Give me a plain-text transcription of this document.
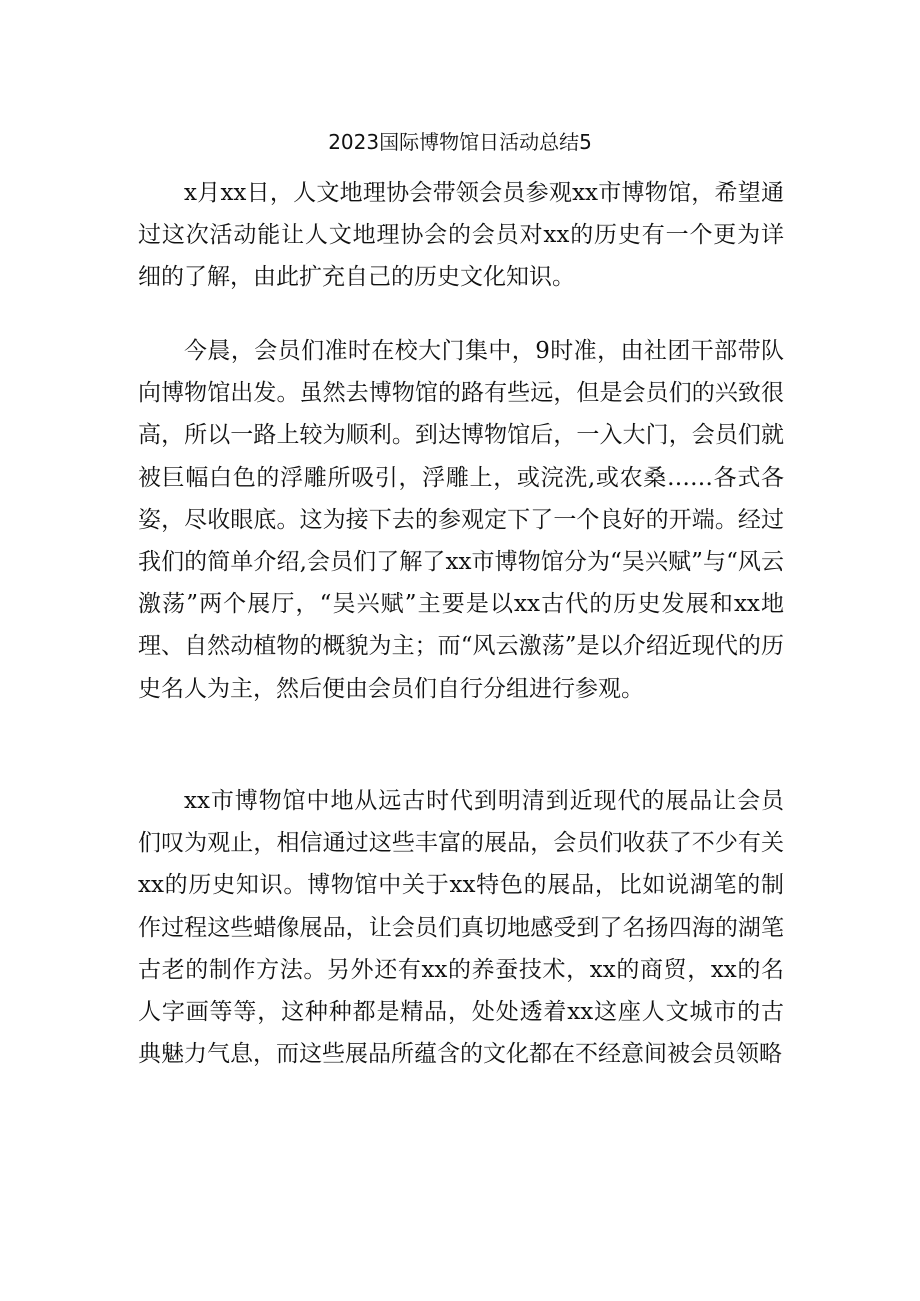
2023国际博物馆日活动总结5

x月xx日，人文地理协会带领会员参观xx市博物馆，希望通过这次活动能让人文地理协会的会员对xx的历史有一个更为详细的了解，由此扩充自己的历史文化知识。

今晨，会员们准时在校大门集中，9时准，由社团干部带队向博物馆出发。虽然去博物馆的路有些远，但是会员们的兴致很高，所以一路上较为顺利。到达博物馆后，一入大门，会员们就被巨幅白色的浮雕所吸引，浮雕上，或浣洗,或农桑……各式各姿，尽收眼底。这为接下去的参观定下了一个良好的开端。经过我们的简单介绍,会员们了解了xx市博物馆分为“吴兴赋”与“风云激荡”两个展厅，“吴兴赋”主要是以xx古代的历史发展和xx地理、自然动植物的概貌为主；而“风云激荡”是以介绍近现代的历史名人为主，然后便由会员们自行分组进行参观。

xx市博物馆中地从远古时代到明清到近现代的展品让会员们叹为观止，相信通过这些丰富的展品，会员们收获了不少有关xx的历史知识。博物馆中关于xx特色的展品，比如说湖笔的制作过程这些蜡像展品，让会员们真切地感受到了名扬四海的湖笔古老的制作方法。另外还有xx的养蚕技术，xx的商贸，xx的名人字画等等，这种种都是精品，处处透着xx这座人文城市的古典魅力气息，而这些展品所蕴含的文化都在不经意间被会员领略
